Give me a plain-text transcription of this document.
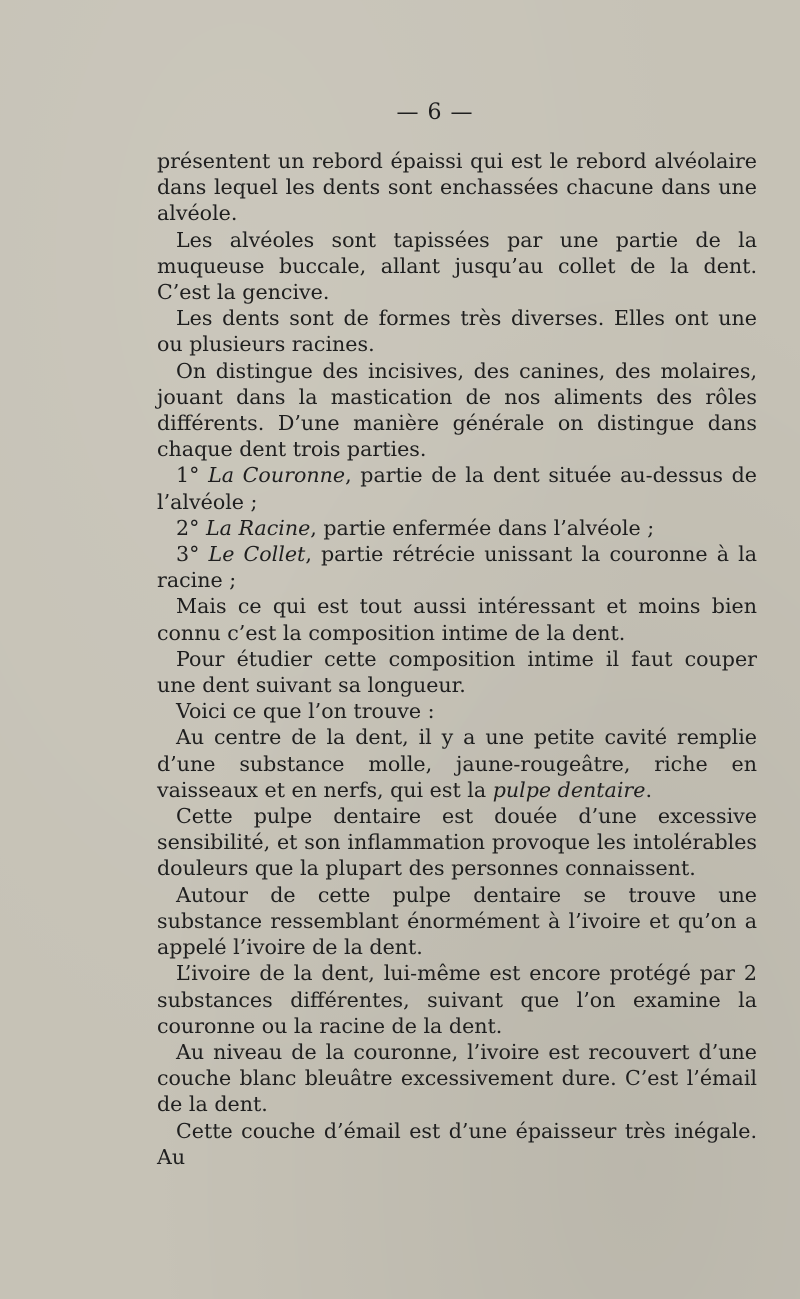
— 6 —

présentent un rebord épaissi qui est le rebord alvéolaire dans lequel les dents sont enchassées chacune dans une alvéole.

Les alvéoles sont tapissées par une partie de la muqueuse buccale, allant jusqu’au collet de la dent. C’est la gencive.

Les dents sont de formes très diverses. Elles ont une ou plusieurs racines.

On distingue des incisives, des canines, des molaires, jouant dans la mastication de nos aliments des rôles différents. D’une manière générale on distingue dans chaque dent trois parties.

1° La Couronne, partie de la dent située au-dessus de l’alvéole ;

2° La Racine, partie enfermée dans l’alvéole ;

3° Le Collet, partie rétrécie unissant la couronne à la racine ;

Mais ce qui est tout aussi intéressant et moins bien connu c’est la composition intime de la dent.

Pour étudier cette composition intime il faut couper une dent suivant sa longueur.

Voici ce que l’on trouve :

Au centre de la dent, il y a une petite cavité remplie d’une substance molle, jaune-rougeâtre, riche en vaisseaux et en nerfs, qui est la pulpe dentaire.

Cette pulpe dentaire est douée d’une excessive sensibilité, et son inflammation provoque les intolérables douleurs que la plupart des personnes connaissent.

Autour de cette pulpe dentaire se trouve une substance ressemblant énormément à l’ivoire et qu’on a appelé l’ivoire de la dent.

L’ivoire de la dent, lui-même est encore protégé par 2 substances différentes, suivant que l’on examine la couronne ou la racine de la dent.

Au niveau de la couronne, l’ivoire est recouvert d’une couche blanc bleuâtre excessivement dure. C’est l’émail de la dent.

Cette couche d’émail est d’une épaisseur très inégale. Au
